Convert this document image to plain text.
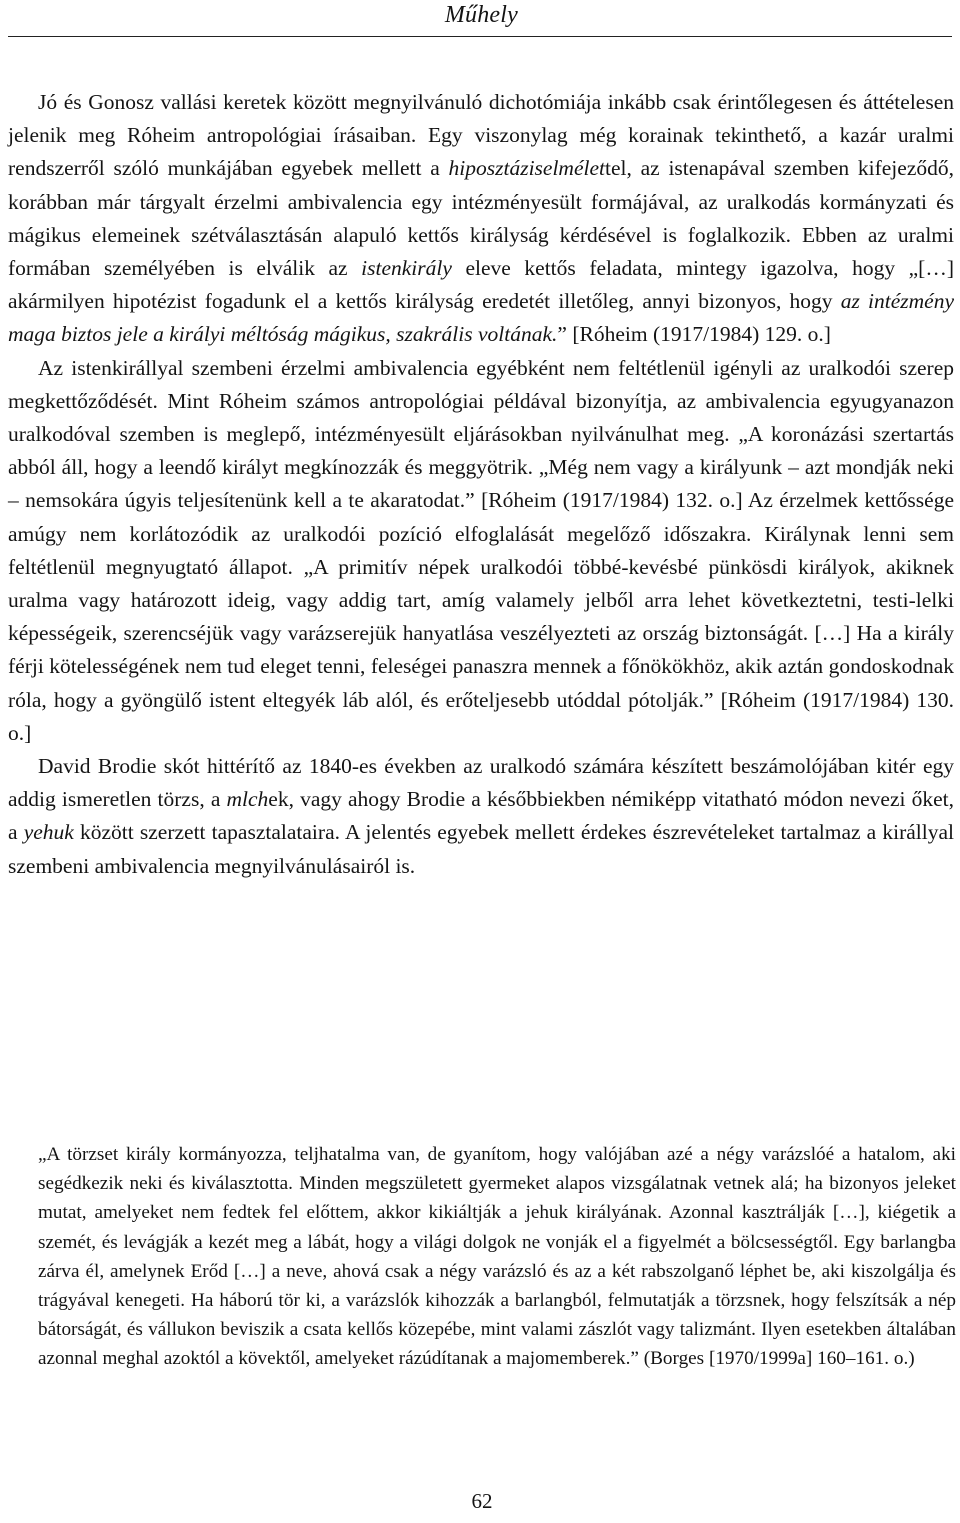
Műhely

Jó és Gonosz vallási keretek között megnyilvánuló dichotómiája inkább csak érintőlegesen és áttételesen jelenik meg Róheim antropológiai írásaiban. Egy viszonylag még korainak tekinthető, a kazár uralmi rendszerről szóló munkájában egyebek mellett a hiposztáziselmélettel, az istenapával szemben kifejeződő, korábban már tárgyalt érzelmi ambivalencia egy intézményesült formájával, az uralkodás kormányzati és mágikus elemeinek szétválasztásán alapuló kettős királyság kérdésével is foglalkozik. Ebben az uralmi formában személyében is elválik az istenkirály eleve kettős feladata, mintegy igazolva, hogy „[…] akármilyen hipotézist fogadunk el a kettős királyság eredetét illetőleg, annyi bizonyos, hogy az intézmény maga biztos jele a királyi méltóság mágikus, szakrális voltának.” [Róheim (1917/1984) 129. o.]

Az istenkirállyal szembeni érzelmi ambivalencia egyébként nem feltétlenül igényli az uralkodói szerep megkettőződését. Mint Róheim számos antropológiai példával bizonyítja, az ambivalencia egyugyanazon uralkodóval szemben is meglepő, intézményesült eljárásokban nyilvánulhat meg. „A koronázási szertartás abból áll, hogy a leendő királyt megkínozzák és meggyötrik. „Még nem vagy a királyunk – azt mondják neki – nemsokára úgyis teljesítenünk kell a te akaratodat.” [Róheim (1917/1984) 132. o.] Az érzelmek kettőssége amúgy nem korlátozódik az uralkodói pozíció elfoglalását megelőző időszakra. Királynak lenni sem feltétlenül megnyugtató állapot. „A primitív népek uralkodói többé-kevésbé pünkösdi királyok, akiknek uralma vagy határozott ideig, vagy addig tart, amíg valamely jelből arra lehet következtetni, testi-lelki képességeik, szerencséjük vagy varázserejük hanyatlása veszélyezteti az ország biztonságát. […] Ha a király férji kötelességének nem tud eleget tenni, feleségei panaszra mennek a főnökökhöz, akik aztán gondoskodnak róla, hogy a gyöngülő istent eltegyék láb alól, és erőteljesebb utóddal pótolják.” [Róheim (1917/1984) 130. o.]

David Brodie skót hittérítő az 1840-es években az uralkodó számára készített beszámolójában kitér egy addig ismeretlen törzs, a mlchek, vagy ahogy Brodie a későbbiekben némiképp vitatható módon nevezi őket, a yehuk között szerzett tapasztalataira. A jelentés egyebek mellett érdekes észrevételeket tartalmaz a királlyal szembeni ambivalencia megnyilvánulásairól is.

„A törzset király kormányozza, teljhatalma van, de gyanítom, hogy valójában azé a négy varázslóé a hatalom, aki segédkezik neki és kiválasztotta. Minden megszületett gyermeket alapos vizsgálatnak vetnek alá; ha bizonyos jeleket mutat, amelyeket nem fedtek fel előttem, akkor kikiáltják a jehuk királyának. Azonnal kasztrálják […], kiégetik a szemét, és levágják a kezét meg a lábát, hogy a világi dolgok ne vonják el a figyelmét a bölcsességtől. Egy barlangba zárva él, amelynek Erőd […] a neve, ahová csak a négy varázsló és az a két rabszolganő léphet be, aki kiszolgálja és trágyával kenegeti. Ha háború tör ki, a varázslók kihozzák a barlangból, felmutatják a törzsnek, hogy felszítsák a nép bátorságát, és vállukon beviszik a csata kellős közepébe, mint valami zászlót vagy talizmánt. Ilyen esetekben általában azonnal meghal azoktól a kövektől, amelyeket rázúdítanak a majomemberek.” (Borges [1970/1999a] 160–161. o.)

62
